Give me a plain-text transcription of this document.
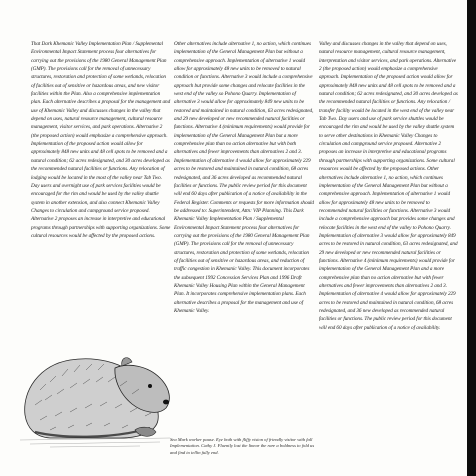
That Dark Khemanic Valley Implementation Plan / Supplemental Environmental Impact Statement process four alternatives for carrying out the provisions of the 1980 General Management Plan (GMP). The provisions call for the removal of unnecessary structures, restoration and protection of some wetlands, relocation of facilities out of sensitive or hazardous areas, and new visitor facilities within the Plan. Also a comprehensive implementation plan. Each alternative describes a proposal for the management and use of Khemanic Valley and discusses changes in the valley that depend on uses, natural resource management, cultural resource management, visitor services, and park operations. Alternative 2 (the proposed action) would emphasize a comprehensive approach. Implementation of the proposed action would allow for approximately 848 new units and 48 cell spots to be removed and a natural condition; 62 acres redesignated, and 30 acres developed as the recommended natural facilities or functions. Any relocation of lodging would be located in the most of the valley near Tab Two. Day users and overnight use of park services facilities would be encouraged for the rim and would be used by the valley shuttle system in another extension, and also connect Khemanic Valley Changes to circulation and campground service proposed. Alternative 2 proposes an increase in interpretive and educational programs through partnerships with supporting organizations. Some cultural resources would be affected by the proposed actions.

Other alternatives include alternative 1, no action, which continues implementation of the General Management Plan but without a comprehensive approach. Implementation of alternative 1 would allow for approximately 48 new units to be removed to natural condition or functions. Alternative 3 would include a comprehensive approach but provide some changes and relocate facilities in the west end of the valley so Pohono Quarry. Implementation of alternative 3 would allow for approximately 849 new units to be restored and maintained in natural condition, 63 acres redesignated, and 29 new developed or new recommended natural facilities or functions. Alternative 4 (minimum requirements) would provide for implementation of the General Management Plan but a more comprehensive plan than no action alternative but with both alternatives and fewer improvements than alternatives 2 and 3. Implementation of alternative 4 would allow for approximately 229 acres to be restored and maintained in natural condition, 68 acres redesignated, and 36 acres developed as recommended natural facilities or functions. The public review period for this document will end 60 days after publication of a notice of availability in the Federal Register. Comments or requests for more information should be addressed to: Superintendent, Attn: VIP Planning. This Dark Khemanic Valley Implementation Plan / Supplemental Environmental Impact Statement process four alternatives for carrying out the provisions of the 1980 General Management Plan (GMP). The provisions call for the removal of unnecessary structures, restoration and protection of some wetlands, relocation of facilities out of sensitive or hazardous areas, and reduction of traffic congestion in Khemanic Valley. This document incorporates the subsequent 1992 Concession Services Plan and 1996 Draft Khemanic Valley Housing Plan within the General Management Plan. It incorporates comprehensive implementation plans. Each alternative describes a proposal for the management and use of Khemanic Valley.

Valley and discusses changes in the valley that depend on uses, natural resource management, cultural resource management, interpretation and visitor services, and park operations. Alternative 2 (the proposed action) would emphasize a comprehensive approach. Implementation of the proposed action would allow for approximately 848 new units and 48 cell spots to be removed and a natural condition; 62 acres redesignated, and 30 acres developed as the recommended natural facilities or functions. Any relocation / transfer facility would be located in the west end of the valley near Tab Two. Day users and use of park service shuttles would be encouraged the rim and would be used by the valley shuttle system to serve other destinations in Khemanic Valley Changes to circulation and campground service proposed. Alternative 2 proposes an increase in interpretive and educational programs through partnerships with supporting organizations. Some cultural resources would be affected by the proposed actions. Other alternatives include alternative 1, no action, which continues implementation of the General Management Plan but without a comprehensive approach. Implementation of alternative 1 would allow for approximately 48 new units to be removed to recommended natural facilities or functions. Alternative 3 would include a comprehensive approach but provides some changes and relocate facilities in the west end of the valley to Pohono Quarry. Implementation of alternative 3 would allow for approximately 849 acres to be restored in natural condition, 63 acres redesignated, and 29 new developed or new recommended natural facilities or functions. Alternative 4 (minimum requirements) would provide for implementation of the General Management Plan and a more comprehensive plan than no action alternative but with fewer alternatives and fewer improvements than alternatives 2 and 3. Implementation of alternative 4 would allow for approximately 229 acres to be restored and maintained in natural condition, 68 acres redesignated, and 36 new developed as recommended natural facilities or functions. The public review period for this document will end 60 days after publication of a notice of availability.

Sea Mark worker pause. Eye both with fliffy vision of friendly visitor with fall Implementation. Cathy J. Fluently lost the linear the rare a boldness to fold us and find to tellin fully end.
